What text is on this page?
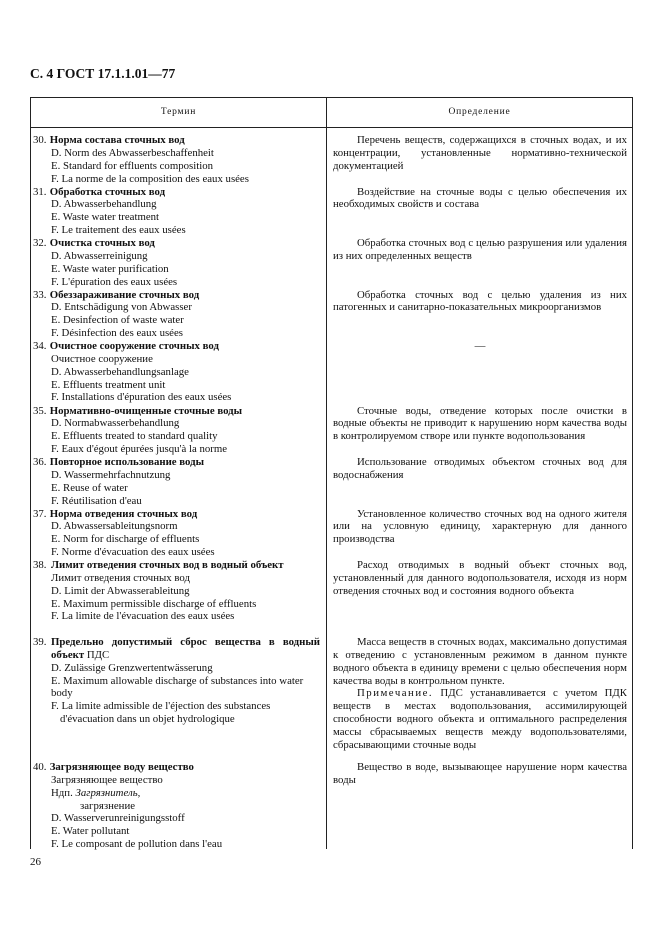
С. 4 ГОСТ 17.1.1.01—77
Термин	Определение
30. Норма состава сточных вод
D. Norm des Abwasserbeschaffenheit
E. Standard for effluents composition
F. La norme de la composition des eaux usées

Перечень веществ, содержащихся в сточных водах, и их концентрации, установленные нормативно-технической документацией

31. Обработка сточных вод
D. Abwasserbehandlung
E. Waste water treatment
F. Le traitement des eaux usées

Воздействие на сточные воды с целью обеспечения их необходимых свойств и состава

32. Очистка сточных вод
D. Abwasserreinigung
E. Waste water purification
F. L'épuration des eaux usées

Обработка сточных вод с целью разрушения или удаления из них определенных веществ

33. Обеззараживание сточных вод
D. Entschädigung von Abwasser
E. Desinfection of waste water
F. Désinfection des eaux usées

Обработка сточных вод с целью удаления из них патогенных и санитарно-показательных микроорганизмов

34. Очистное сооружение сточных вод
Очистное сооружение
D. Abwasserbehandlungsanlage
E. Effluents treatment unit
F. Installations d'épuration des eaux usées

—

35. Нормативно-очищенные сточные воды
D. Normabwasserbehandlung
E. Effluents treated to standard quality
F. Eaux d'égout épurées jusqu'à la norme

Сточные воды, отведение которых после очистки в водные объекты не приводит к нарушению норм качества воды в контролируемом створе или пункте водопользования

36. Повторное использование воды
D. Wassermehrfachnutzung
E. Reuse of water
F. Réutilisation d'eau

Использование отводимых объектом сточных вод для водоснабжения

37. Норма отведения сточных вод
D. Abwassersableitungsnorm
E. Norm for discharge of effluents
F. Norme d'évacuation des eaux usées

Установленное количество сточных вод на одного жителя или на условную единицу, характерную для данного производства

38. Лимит отведения сточных вод в водный объект
Лимит отведения сточных вод
D. Limit der Abwasserableitung
E. Maximum permissible discharge of effluents
F. La limite de l'évacuation des eaux usées

Расход отводимых в водный объект сточных вод, установленный для данного водопользователя, исходя из норм отведения сточных вод и состояния водного объекта

39. Предельно допустимый сброс вещества в водный объект ПДС
D. Zulässige Grenzwertentwässerung
E. Maximum allowable discharge of substances into water body
F. La limite admissible de l'éjection des substances d'évacuation dans un objet hydrologique

Масса веществ в сточных водах, максимально допустимая к отведению с установленным режимом в данном пункте водного объекта в единицу времени с целью обеспечения норм качества воды в контрольном пункте.

Примечание. ПДС устанавливается с учетом ПДК веществ в местах водопользования, ассимилирующей способности водного объекта и оптимального распределения массы сбрасываемых веществ между водопользователями, сбрасывающими сточные воды

40. Загрязняющее воду вещество
Загрязняющее вещество
Ндп. Загрязнитель,
загрязнение
D. Wasserverunreinigungsstoff
E. Water pollutant
F. Le composant de pollution dans l'eau

Вещество в воде, вызывающее нарушение норм качества воды

26
